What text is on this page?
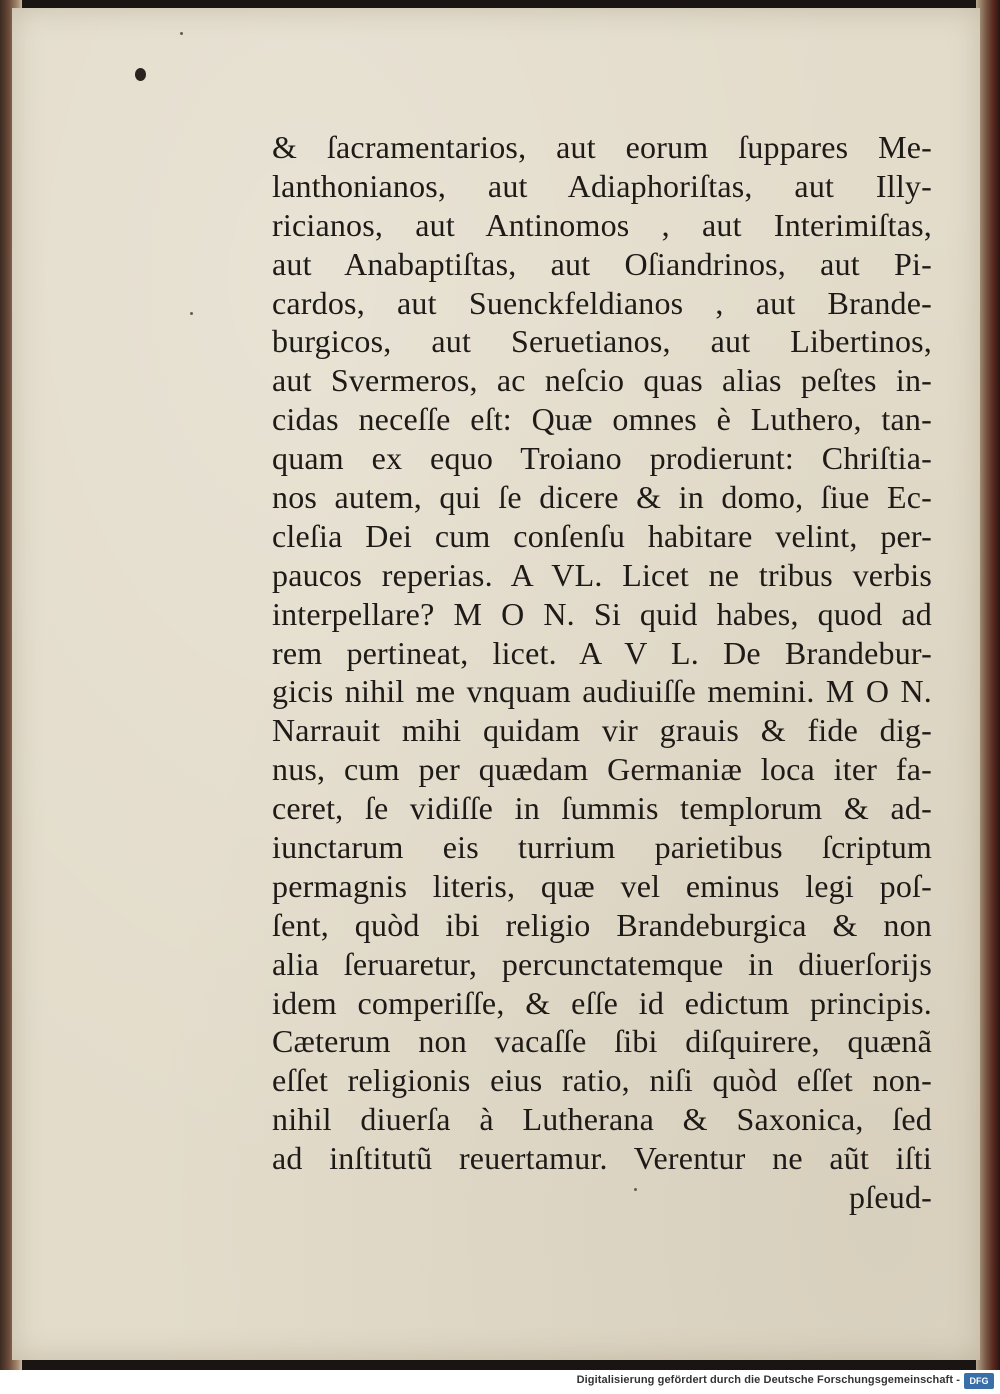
& ſacramentarios, aut eorum ſuppares Me-
lanthonianos, aut Adiaphoriſtas, aut Illy-
ricianos, aut Antinomos , aut Interimiſtas,
aut Anabaptiſtas, aut Oſiandrinos, aut Pi-
cardos, aut Suenckfeldianos , aut Brande-
burgicos, aut Seruetianos, aut Libertinos,
aut Svermeros, ac neſcio quas alias peſtes in-
cidas neceſſe eſt: Quæ omnes è Luthero, tan-
quam ex equo Troiano prodierunt: Chriſtia-
nos autem, qui ſe dicere & in domo, ſiue Ec-
cleſia Dei cum conſenſu habitare velint, per-
paucos reperias. A VL. Licet ne tribus verbis
interpellare? M O N. Si quid habes, quod ad
rem pertineat, licet. A V L. De Brandebur-
gicis nihil me vnquam audiuiſſe memini. M O N.
Narrauit mihi quidam vir grauis & fide dig-
nus, cum per quædam Germaniæ loca iter fa-
ceret, ſe vidiſſe in ſummis templorum & ad-
iunctarum eis turrium parietibus ſcriptum
permagnis literis, quæ vel eminus legi poſ-
ſent, quòd ibi religio Brandeburgica & non
alia ſeruaretur, percunctatemque in diuerſorijs
idem comperiſſe, & eſſe id edictum principis.
Cæterum non vacaſſe ſibi diſquirere, quænã
eſſet religionis eius ratio, niſi quòd eſſet non-
nihil diuerſa à Lutherana & Saxonica, ſed
ad inſtitutũ reuertamur. Verentur ne aũt iſti
pſeud-
Digitalisierung gefördert durch die Deutsche Forschungsgemeinschaft -	DFG
